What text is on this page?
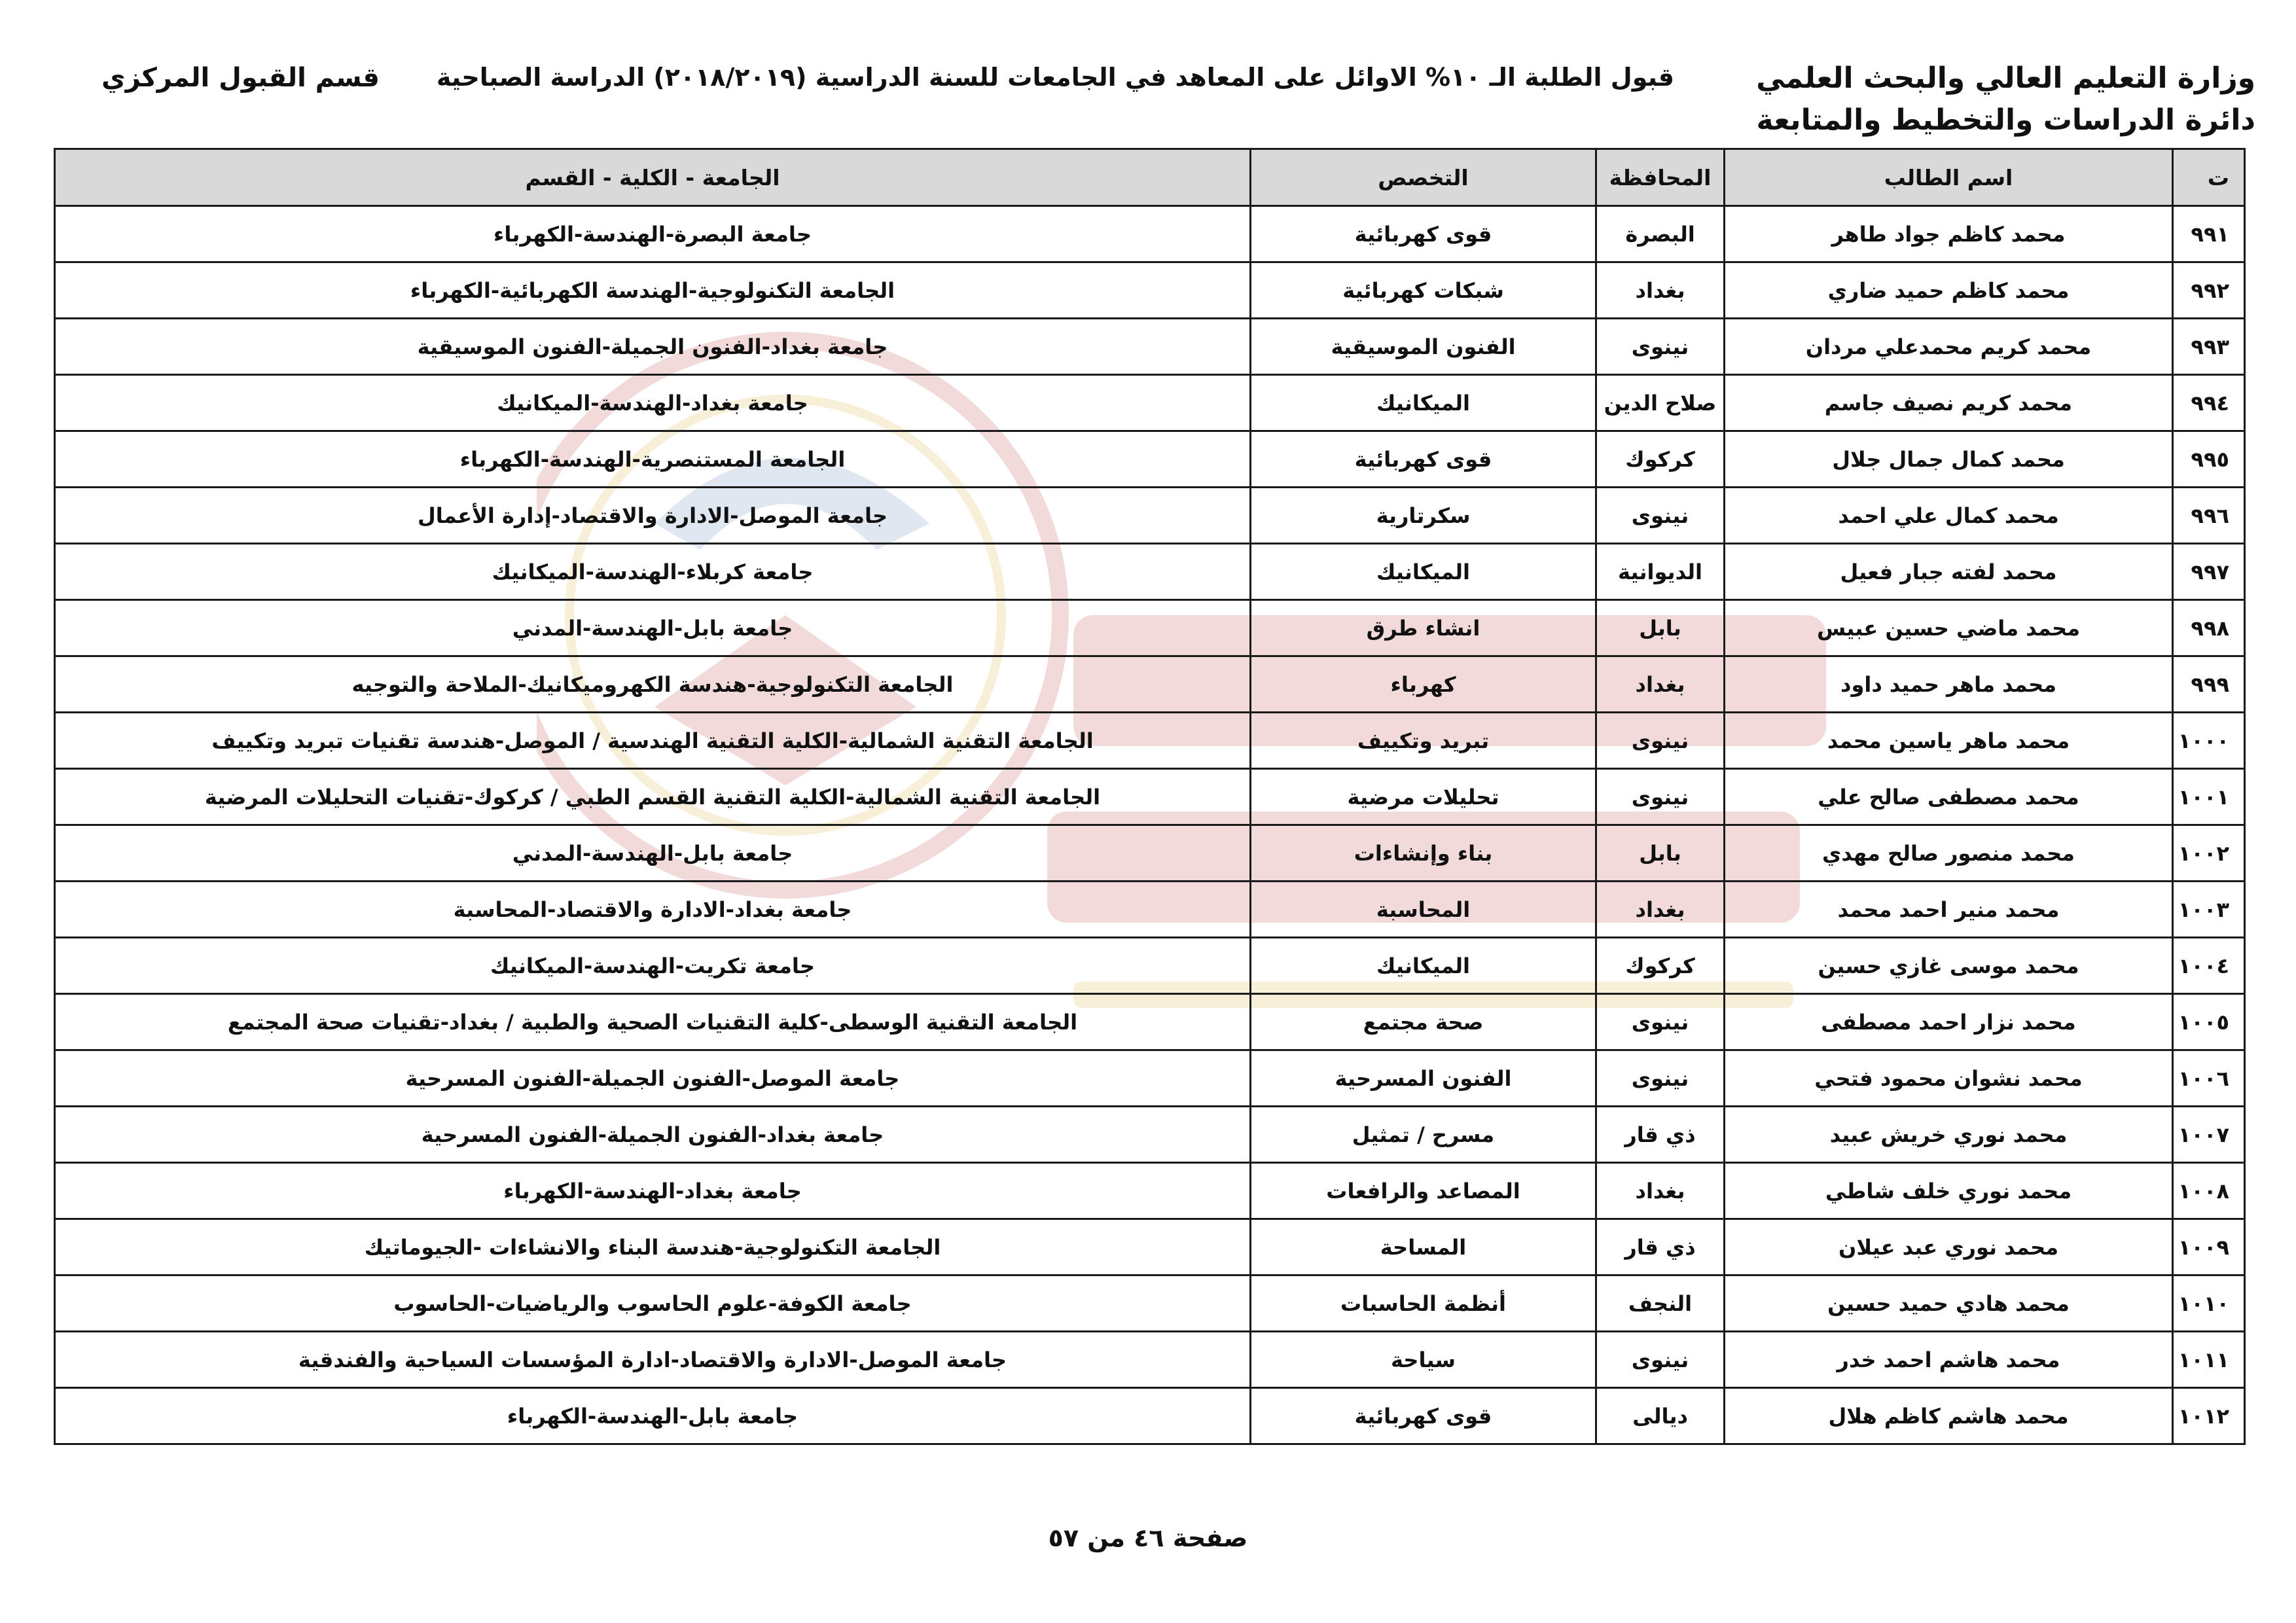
وزارة التعليم العالي والبحث العلمي
دائرة الدراسات والتخطيط والمتابعة
قبول الطلبة الـ ١٠% الاوائل على المعاهد في الجامعات للسنة الدراسية (٢٠١٨/٢٠١٩) الدراسة الصباحية
قسم القبول المركزي
ت	اسم الطالب	المحافظة	التخصص	الجامعة - الكلية - القسم
٩٩١	محمد كاظم جواد طاهر	البصرة	قوى كهربائية	جامعة البصرة-الهندسة-الكهرباء
٩٩٢	محمد كاظم حميد ضاري	بغداد	شبكات كهربائية	الجامعة التكنولوجية-الهندسة الكهربائية-الكهرباء
٩٩٣	محمد كريم محمدعلي مردان	نينوى	الفنون الموسيقية	جامعة بغداد-الفنون الجميلة-الفنون الموسيقية
٩٩٤	محمد كريم نصيف جاسم	صلاح الدين	الميكانيك	جامعة بغداد-الهندسة-الميكانيك
٩٩٥	محمد كمال جمال جلال	كركوك	قوى كهربائية	الجامعة المستنصرية-الهندسة-الكهرباء
٩٩٦	محمد كمال علي احمد	نينوى	سكرتارية	جامعة الموصل-الادارة والاقتصاد-إدارة الأعمال
٩٩٧	محمد لفته جبار فعيل	الديوانية	الميكانيك	جامعة كربلاء-الهندسة-الميكانيك
٩٩٨	محمد ماضي حسين عبيس	بابل	انشاء طرق	جامعة بابل-الهندسة-المدني
٩٩٩	محمد ماهر حميد داود	بغداد	كهرباء	الجامعة التكنولوجية-هندسة الكهروميكانيك-الملاحة والتوجيه
١٠٠٠	محمد ماهر ياسين محمد	نينوى	تبريد وتكييف	الجامعة التقنية الشمالية-الكلية التقنية الهندسية / الموصل-هندسة تقنيات تبريد وتكييف
١٠٠١	محمد مصطفى صالح علي	نينوى	تحليلات مرضية	الجامعة التقنية الشمالية-الكلية التقنية القسم الطبي / كركوك-تقنيات التحليلات المرضية
١٠٠٢	محمد منصور صالح مهدي	بابل	بناء وإنشاءات	جامعة بابل-الهندسة-المدني
١٠٠٣	محمد منير احمد محمد	بغداد	المحاسبة	جامعة بغداد-الادارة والاقتصاد-المحاسبة
١٠٠٤	محمد موسى غازي حسين	كركوك	الميكانيك	جامعة تكريت-الهندسة-الميكانيك
١٠٠٥	محمد نزار احمد مصطفى	نينوى	صحة مجتمع	الجامعة التقنية الوسطى-كلية التقنيات الصحية والطبية / بغداد-تقنيات صحة المجتمع
١٠٠٦	محمد نشوان محمود فتحي	نينوى	الفنون المسرحية	جامعة الموصل-الفنون الجميلة-الفنون المسرحية
١٠٠٧	محمد نوري خريش عبيد	ذي قار	مسرح / تمثيل	جامعة بغداد-الفنون الجميلة-الفنون المسرحية
١٠٠٨	محمد نوري خلف شاطي	بغداد	المصاعد والرافعات	جامعة بغداد-الهندسة-الكهرباء
١٠٠٩	محمد نوري عبد عيلان	ذي قار	المساحة	الجامعة التكنولوجية-هندسة البناء والانشاءات -الجيوماتيك
١٠١٠	محمد هادي حميد حسين	النجف	أنظمة الحاسبات	جامعة الكوفة-علوم الحاسوب والرياضيات-الحاسوب
١٠١١	محمد هاشم احمد خدر	نينوى	سياحة	جامعة الموصل-الادارة والاقتصاد-ادارة المؤسسات السياحية والفندقية
١٠١٢	محمد هاشم كاظم هلال	ديالى	قوى كهربائية	جامعة بابل-الهندسة-الكهرباء
صفحة ٤٦ من ٥٧
